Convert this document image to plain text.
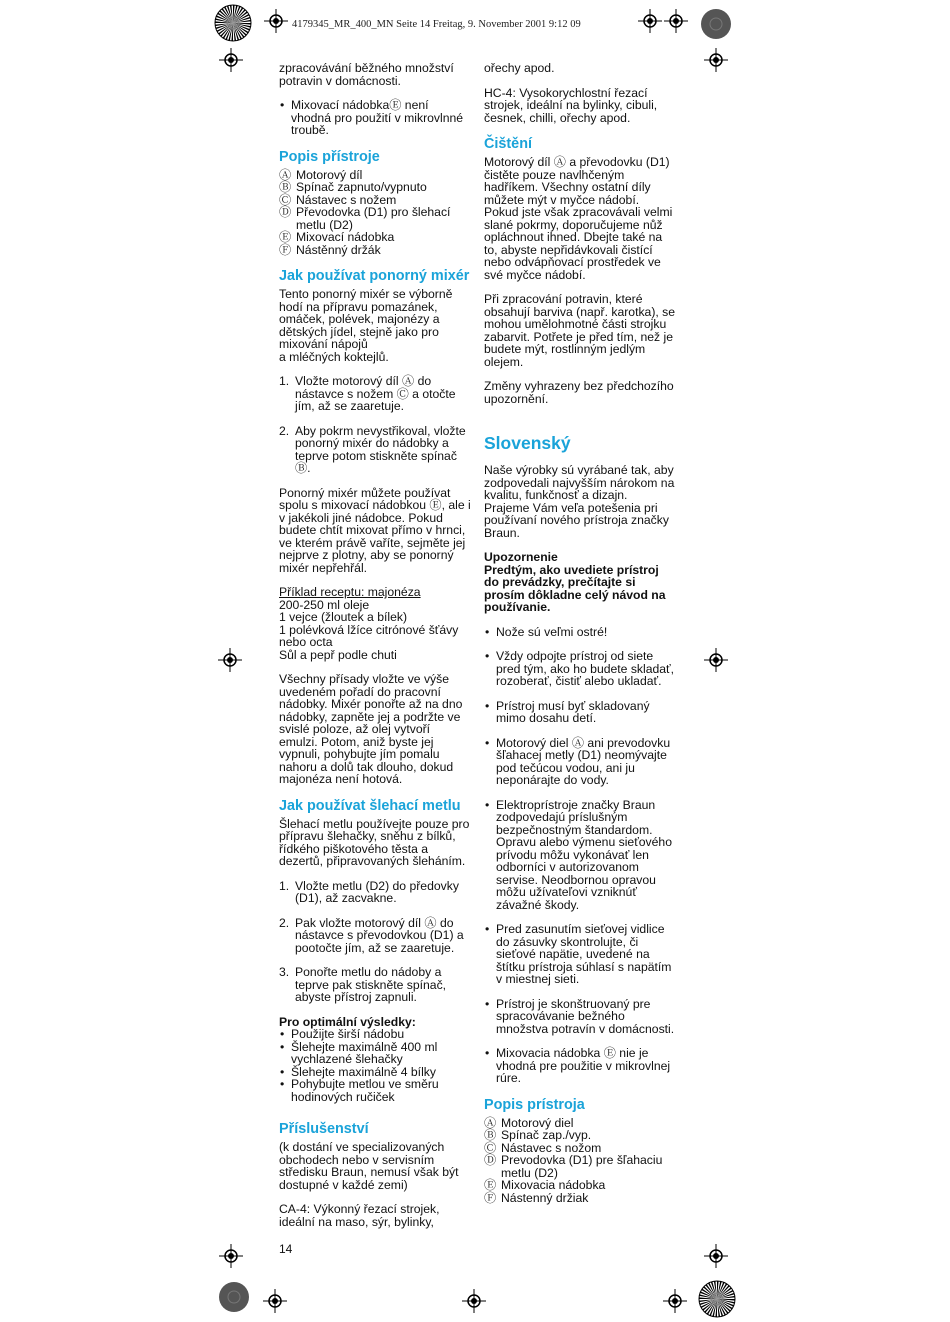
4179345_MR_400_MN Seite 14 Freitag, 9. November 2001 9:12 09

zpracovávání běžného množství potravin v domácnosti.

• Mixovací nádobkaⒺ není vhodná pro použití v mikrovlnné troubě.
Popis přístroje
Ⓐ Motorový díl
Ⓑ Spínač zapnuto/vypnuto
Ⓒ Nástavec s nožem
Ⓓ Převodovka (D1) pro šlehací metlu (D2)
Ⓔ Mixovací nádobka
Ⓕ Nástěnný držák
Jak používat ponorný mixér

Tento ponorný mixér se výborně hodí na přípravu pomazánek, omáček, polévek, majonézy a dětských jídel, stejně jako pro mixování nápojů
a mléčných koktejlů.

1. Vložte motorový díl Ⓐ do nástavce s nožem Ⓒ a otočte jím, až se zaaretuje.
2. Aby pokrm nevystřikoval, vložte ponorný mixér do nádobky a teprve potom stiskněte spínač Ⓑ.

Ponorný mixér můžete používat spolu s mixovací nádobkou Ⓔ, ale i v jakékoli jiné nádobce. Pokud budete chtít mixovat přímo v hrnci, ve kterém právě vaříte, sejměte jej nejprve z plotny, aby se ponorný mixér nepřehřál.

Příklad receptu: majonéza
200-250 ml oleje
1 vejce (žloutek a bílek)
1 polévková lžíce citrónové šťávy
nebo octa
Sůl a pepř podle chuti

Všechny přísady vložte ve výše uvedeném pořadí do pracovní nádobky. Mixér ponořte až na dno nádobky, zapněte jej a podržte ve svislé poloze, až olej vytvoří emulzi. Potom, aniž byste jej vypnuli, pohybujte jím pomalu nahoru a dolů tak dlouho, dokud majonéza není hotová.

Jak používat šlehací metlu

Šlehací metlu používejte pouze pro přípravu šlehačky, sněhu z bílků, řídkého piškotového těsta a dezertů, připravovaných šleháním.

1. Vložte metlu (D2) do předovky (D1), až zacvakne.
2. Pak vložte motorový díl Ⓐ do nástavce s převodovkou (D1) a pootočte jím, až se zaaretuje.
3. Ponořte metlu do nádoby a teprve pak stiskněte spínač, abyste přístroj zapnuli.
Pro optimální výsledky:
• Použijte širší nádobu
• Šlehejte maximálně 400 ml vychlazené šlehačky
• Šlehejte maximálně 4 bílky
• Pohybujte metlou ve směru hodinových ručiček
Příslušenství

(k dostání ve specializovaných obchodech nebo v servisním středisku Braun, nemusí však být dostupné v každé zemi)

CA-4: Výkonný řezací strojek, ideální na maso, sýr, bylinky,

ořechy apod.

HC-4: Vysokorychlostní řezací strojek, ideální na bylinky, cibuli, česnek, chilli, ořechy apod.

Čištění

Motorový díl Ⓐ a převodovku (D1) čistěte pouze navlhčeným hadříkem. Všechny ostatní díly můžete mýt v myčce nádobí. Pokud jste však zpracovávali velmi slané pokrmy, doporučujeme nůž opláchnout ihned. Dbejte také na to, abyste nepřidávkovali čistící nebo odvápňovací prostředek ve své myčce nádobí.

Při zpracování potravin, které obsahují barviva (např. karotka), se mohou umělohmotné části strojku zabarvit. Potřete je před tím, než je budete mýt, rostlinným jedlým olejem.

Změny vyhrazeny bez předchozího upozornění.

Slovenský

Naše výrobky sú vyrábané tak, aby zodpovedali najvyšším nárokom na kvalitu, funkčnosť a dizajn. Prajeme Vám veľa potešenia pri používaní nového prístroja značky Braun.

Upozornenie
Predtým, ako uvediete prístroj do prevádzky, prečítajte si prosím dôkladne celý návod na používanie.

• Nože sú veľmi ostré!
• Vždy odpojte prístroj od siete pred tým, ako ho budete skladať, rozoberať, čistiť alebo ukladať.
• Prístroj musí byť skladovaný mimo dosahu detí.
• Motorový diel Ⓐ ani prevodovku šľahacej metly (D1) neomývajte pod tečúcou vodou, ani ju neponárajte do vody.
• Elektroprístroje značky Braun zodpovedajú príslušným bezpečnostným štandardom. Opravu alebo výmenu sieťového prívodu môžu vykonávať len odborníci v autorizovanom servise. Neodbornou opravou môžu užívateľovi vzniknúť závažné škody.
• Pred zasunutím sieťovej vidlice do zásuvky skontrolujte, či sieťové napätie, uvedené na štítku prístroja súhlasí s napätím v miestnej sieti.
• Prístroj je skonštruovaný pre spracovávanie bežného množstva potravín v domácnosti.
• Mixovacia nádobka Ⓔ nie je vhodná pre použitie v mikrovlnej rúre.
Popis prístroja
Ⓐ Motorový diel
Ⓑ Spínač zap./vyp.
Ⓒ Nástavec s nožom
Ⓓ Prevodovka (D1) pre šľahaciu metlu (D2)
Ⓔ Mixovacia nádobka
Ⓕ Nástenný držiak
14
